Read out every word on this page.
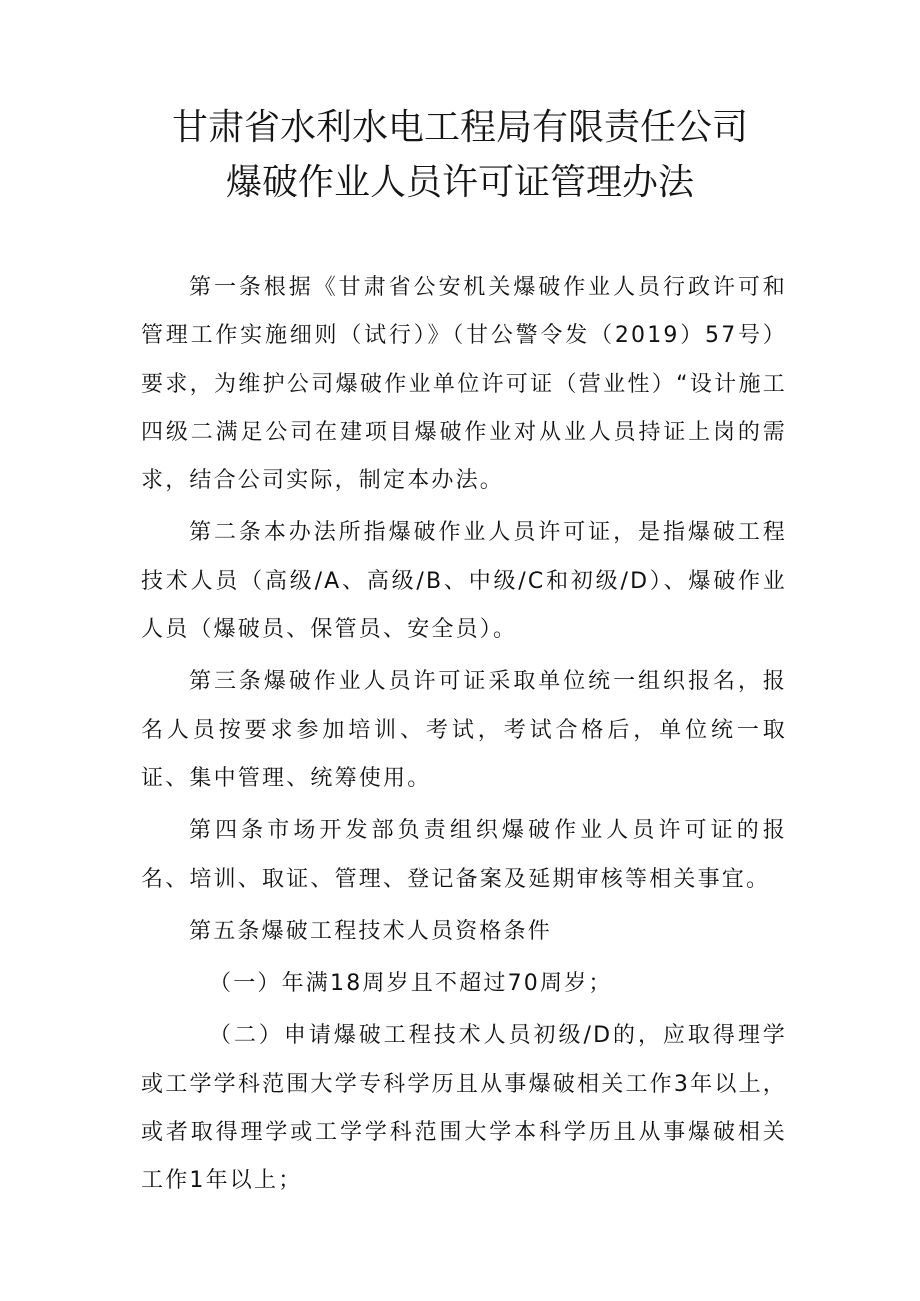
甘肃省水利水电工程局有限责任公司
爆破作业人员许可证管理办法

第一条根据《甘肃省公安机关爆破作业人员行政许可和管理工作实施细则（试行）》（甘公警令发（2019）57号）要求，为维护公司爆破作业单位许可证（营业性）“设计施工四级二满足公司在建项目爆破作业对从业人员持证上岗的需求，结合公司实际，制定本办法。

第二条本办法所指爆破作业人员许可证，是指爆破工程技术人员（高级/A、高级/B、中级/C和初级/D）、爆破作业人员（爆破员、保管员、安全员）。

第三条爆破作业人员许可证采取单位统一组织报名，报名人员按要求参加培训、考试，考试合格后，单位统一取证、集中管理、统筹使用。

第四条市场开发部负责组织爆破作业人员许可证的报名、培训、取证、管理、登记备案及延期审核等相关事宜。

第五条爆破工程技术人员资格条件

（一）年满18周岁且不超过70周岁；

（二）申请爆破工程技术人员初级/D的，应取得理学或工学学科范围大学专科学历且从事爆破相关工作3年以上，或者取得理学或工学学科范围大学本科学历且从事爆破相关工作1年以上；
